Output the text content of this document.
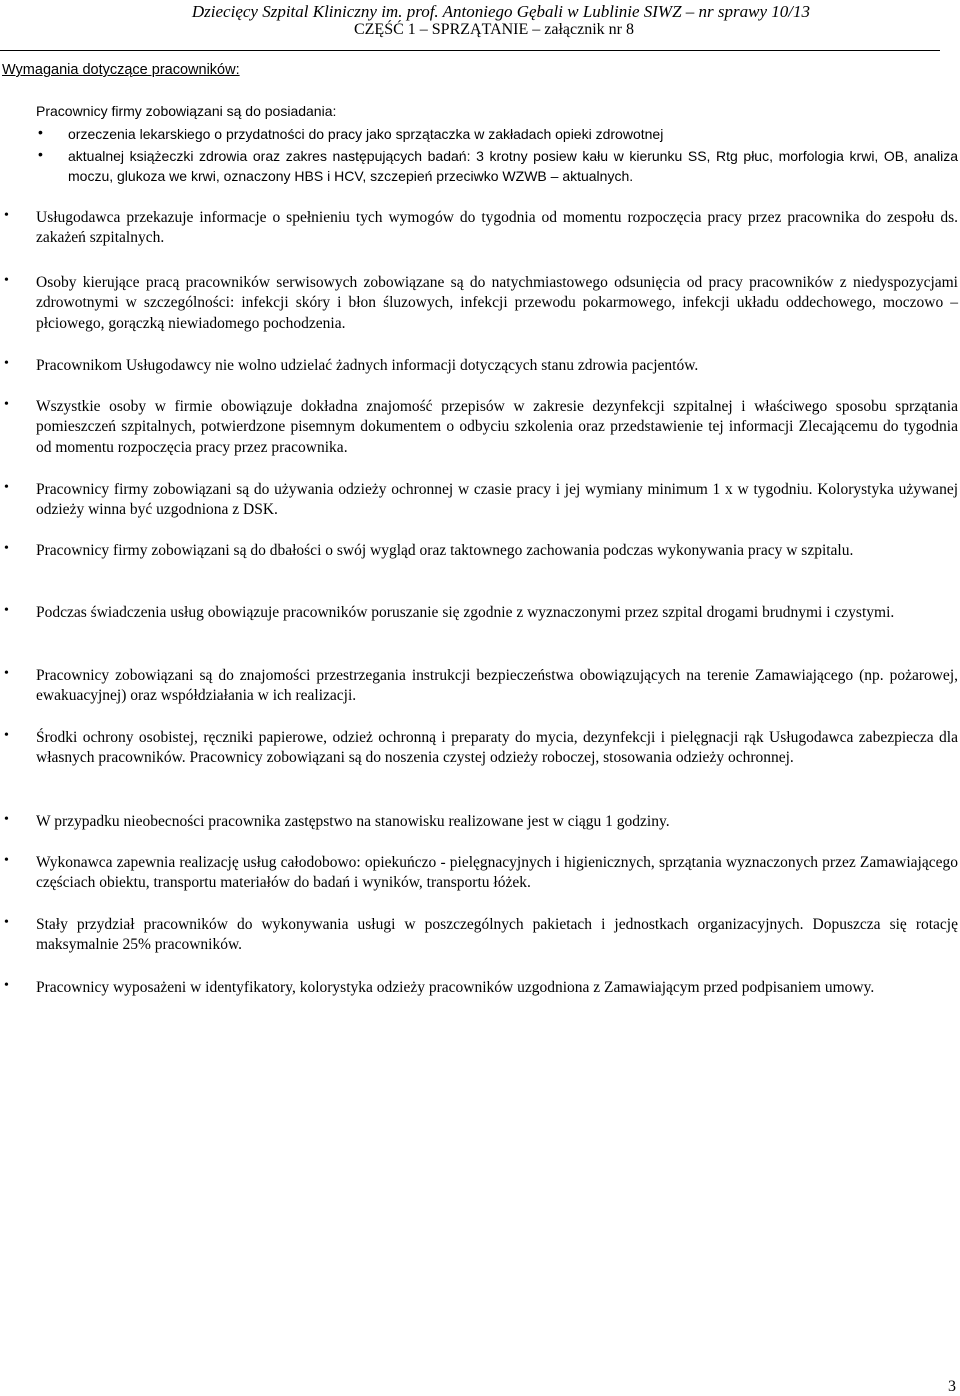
Dziecięcy Szpital Kliniczny im. prof. Antoniego Gębali w Lublinie SIWZ – nr sprawy 10/13
CZĘŚĆ 1 – SPRZĄTANIE – załącznik nr 8
Wymagania dotyczące pracowników:
Pracownicy firmy zobowiązani są do posiadania:
• orzeczenia lekarskiego o przydatności do pracy jako sprzątaczka w zakładach opieki zdrowotnej
• aktualnej książeczki zdrowia oraz zakres następujących badań: 3 krotny posiew kału w kierunku SS, Rtg płuc, morfologia krwi, OB, analiza moczu, glukoza we krwi, oznaczony HBS i HCV, szczepień przeciwko WZWB – aktualnych.
• Usługodawca przekazuje informacje o spełnieniu tych wymogów do tygodnia od momentu rozpoczęcia pracy przez pracownika do zespołu ds. zakażeń szpitalnych.
• Osoby kierujące pracą pracowników serwisowych zobowiązane są do natychmiastowego odsunięcia od pracy pracowników z niedyspozycjami zdrowotnymi w szczególności: infekcji skóry i błon śluzowych, infekcji przewodu pokarmowego, infekcji układu oddechowego, moczowo – płciowego, gorączką niewiadomego pochodzenia.
• Pracownikom Usługodawcy nie wolno udzielać żadnych informacji dotyczących stanu zdrowia pacjentów.
• Wszystkie osoby w firmie obowiązuje dokładna znajomość przepisów w zakresie dezynfekcji szpitalnej i właściwego sposobu sprzątania pomieszczeń szpitalnych, potwierdzone pisemnym dokumentem o odbyciu szkolenia oraz przedstawienie tej informacji Zlecającemu do tygodnia od momentu rozpoczęcia pracy przez pracownika.
• Pracownicy firmy zobowiązani są do używania odzieży ochronnej w czasie pracy i jej wymiany minimum 1 x w tygodniu. Kolorystyka używanej odzieży winna być uzgodniona z DSK.
• Pracownicy firmy zobowiązani są do dbałości o swój wygląd oraz taktownego zachowania podczas wykonywania pracy w szpitalu.
• Podczas świadczenia usług obowiązuje pracowników poruszanie się zgodnie z wyznaczonymi przez szpital drogami brudnymi i czystymi.
• Pracownicy zobowiązani są do znajomości przestrzegania instrukcji bezpieczeństwa obowiązujących na terenie Zamawiającego (np. pożarowej, ewakuacyjnej) oraz współdziałania w ich realizacji.
• Środki ochrony osobistej, ręczniki papierowe, odzież ochronną i preparaty do mycia, dezynfekcji i pielęgnacji rąk Usługodawca zabezpiecza dla własnych pracowników. Pracownicy zobowiązani są do noszenia czystej odzieży roboczej, stosowania odzieży ochronnej.
• W przypadku nieobecności pracownika zastępstwo na stanowisku realizowane jest w ciągu 1 godziny.
• Wykonawca zapewnia realizację usług całodobowo: opiekuńczo - pielęgnacyjnych i higienicznych, sprzątania wyznaczonych przez Zamawiającego częściach obiektu, transportu materiałów do badań i wyników, transportu łóżek.
• Stały przydział pracowników do wykonywania usługi w poszczególnych pakietach i jednostkach organizacyjnych. Dopuszcza się rotację maksymalnie 25% pracowników.
• Pracownicy wyposażeni w identyfikatory, kolorystyka odzieży pracowników uzgodniona z Zamawiającym przed podpisaniem umowy.
3
